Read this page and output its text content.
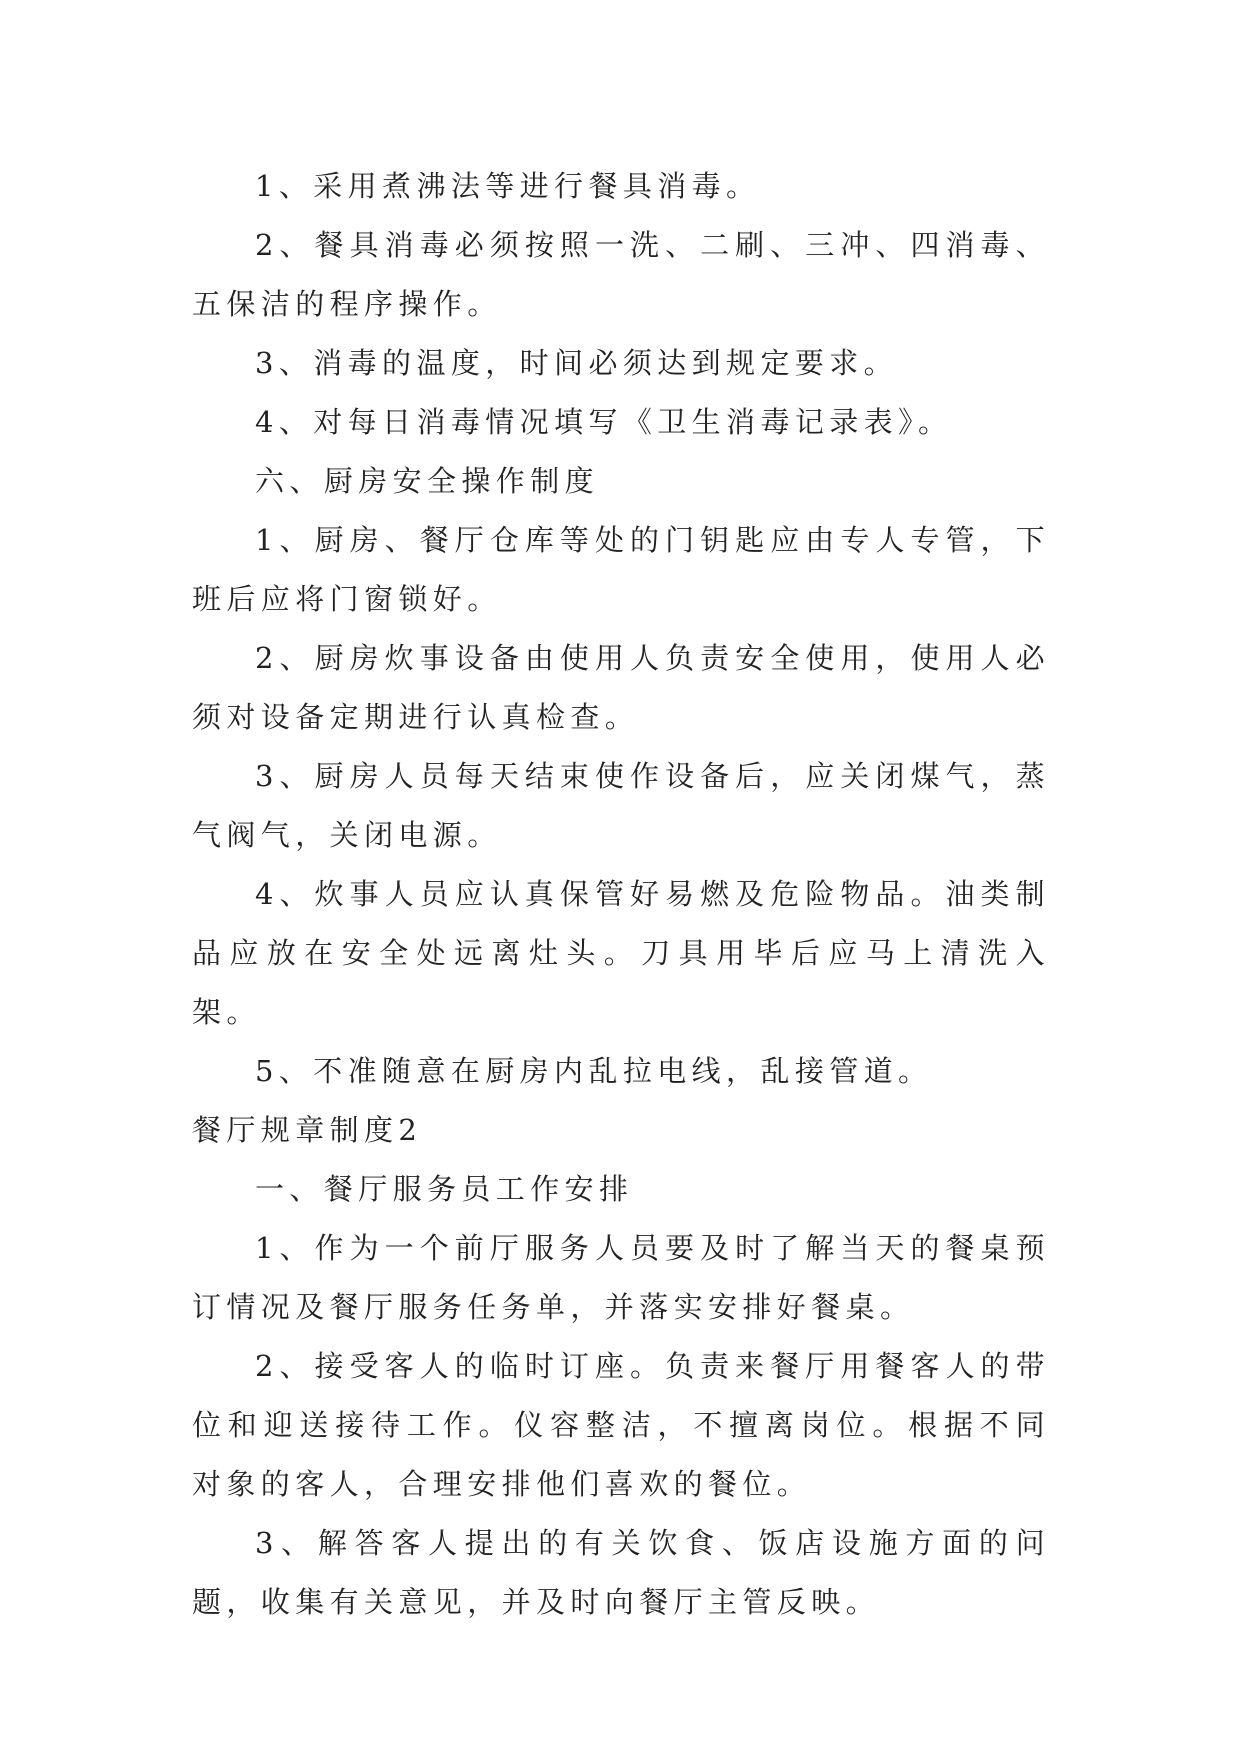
1、采用煮沸法等进行餐具消毒。

2、餐具消毒必须按照一洗、二刷、三冲、四消毒、五保洁的程序操作。

3、消毒的温度，时间必须达到规定要求。

4、对每日消毒情况填写《卫生消毒记录表》。

六、厨房安全操作制度

1、厨房、餐厅仓库等处的门钥匙应由专人专管，下班后应将门窗锁好。

2、厨房炊事设备由使用人负责安全使用，使用人必须对设备定期进行认真检查。

3、厨房人员每天结束使作设备后，应关闭煤气，蒸气阀气，关闭电源。

4、炊事人员应认真保管好易燃及危险物品。油类制品应放在安全处远离灶头。刀具用毕后应马上清洗入架。

5、不准随意在厨房内乱拉电线，乱接管道。

餐厅规章制度2

一、餐厅服务员工作安排

1、作为一个前厅服务人员要及时了解当天的餐桌预订情况及餐厅服务任务单，并落实安排好餐桌。

2、接受客人的临时订座。负责来餐厅用餐客人的带位和迎送接待工作。仪容整洁，不擅离岗位。根据不同对象的客人，合理安排他们喜欢的餐位。

3、解答客人提出的有关饮食、饭店设施方面的问题，收集有关意见，并及时向餐厅主管反映。
